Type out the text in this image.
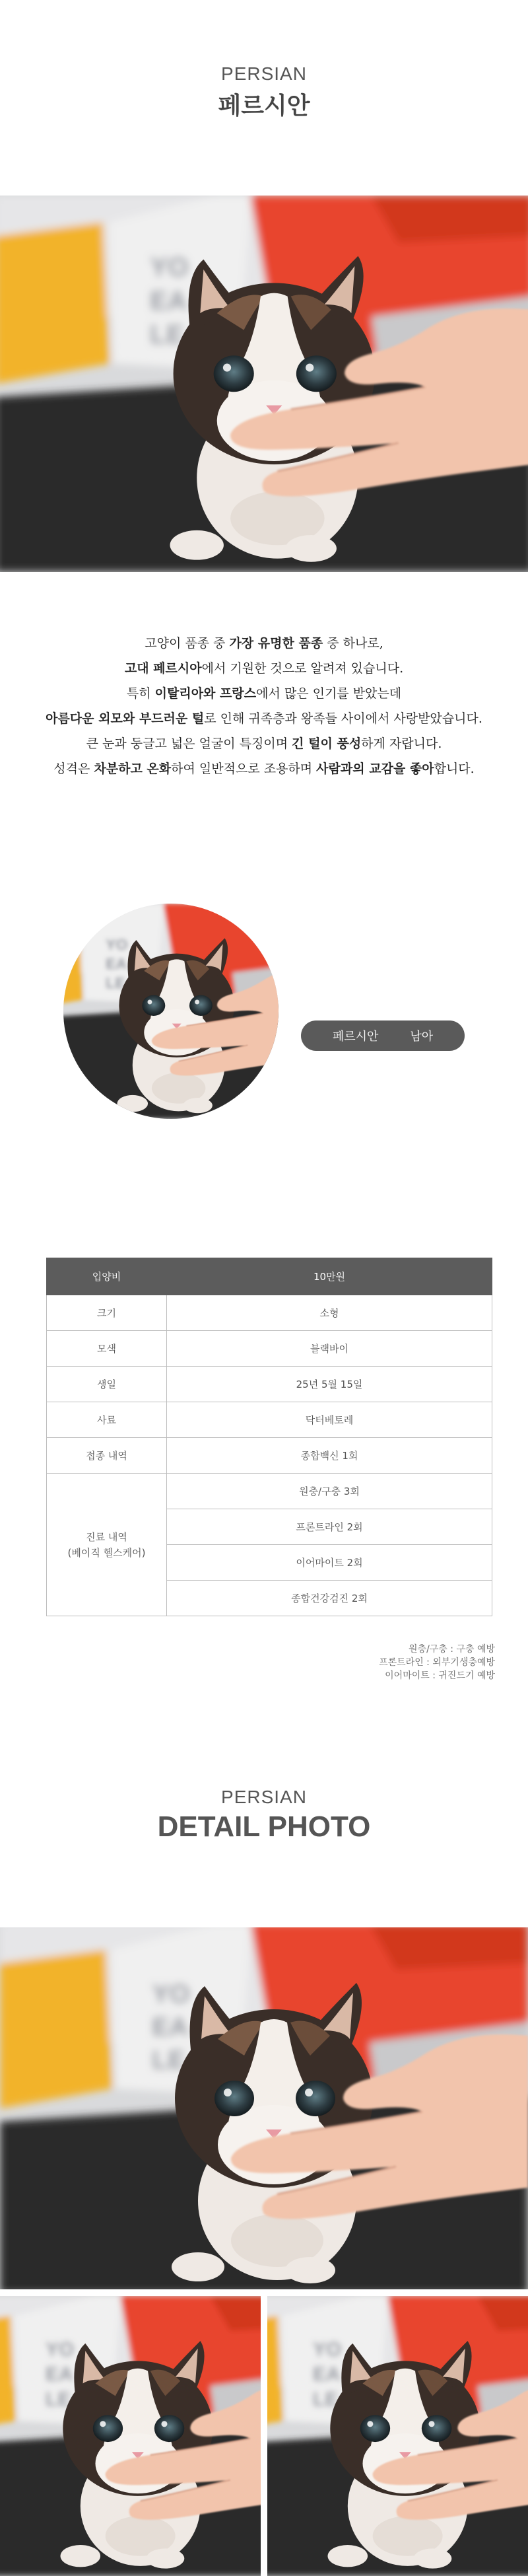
PERSIAN
페르시안
고양이 품종 중 가장 유명한 품종 중 하나로,
고대 페르시아에서 기원한 것으로 알려져 있습니다.
특히 이탈리아와 프랑스에서 많은 인기를 받았는데
아름다운 외모와 부드러운 털로 인해 귀족층과 왕족들 사이에서 사랑받았습니다.
큰 눈과 둥글고 넓은 얼굴이 특징이며 긴 털이 풍성하게 자랍니다.
성격은 차분하고 온화하여 일반적으로 조용하며 사람과의 교감을 좋아합니다.
페르시안	남아
입양비	10만원
크기	소형
모색	블랙바이
생일	25년 5월 15일
사료	닥터베토레
접종 내역	종합백신 1회

진료 내역
(베이직 헬스케어)	원충/구충 3회
	프론트라인 2회
	이어마이트 2회
	종합건강검진 2회
원충/구충 : 구충 예방
프론트라인 : 외부기생충예방
이어마이트 : 귀진드기 예방
PERSIAN
DETAIL PHOTO
